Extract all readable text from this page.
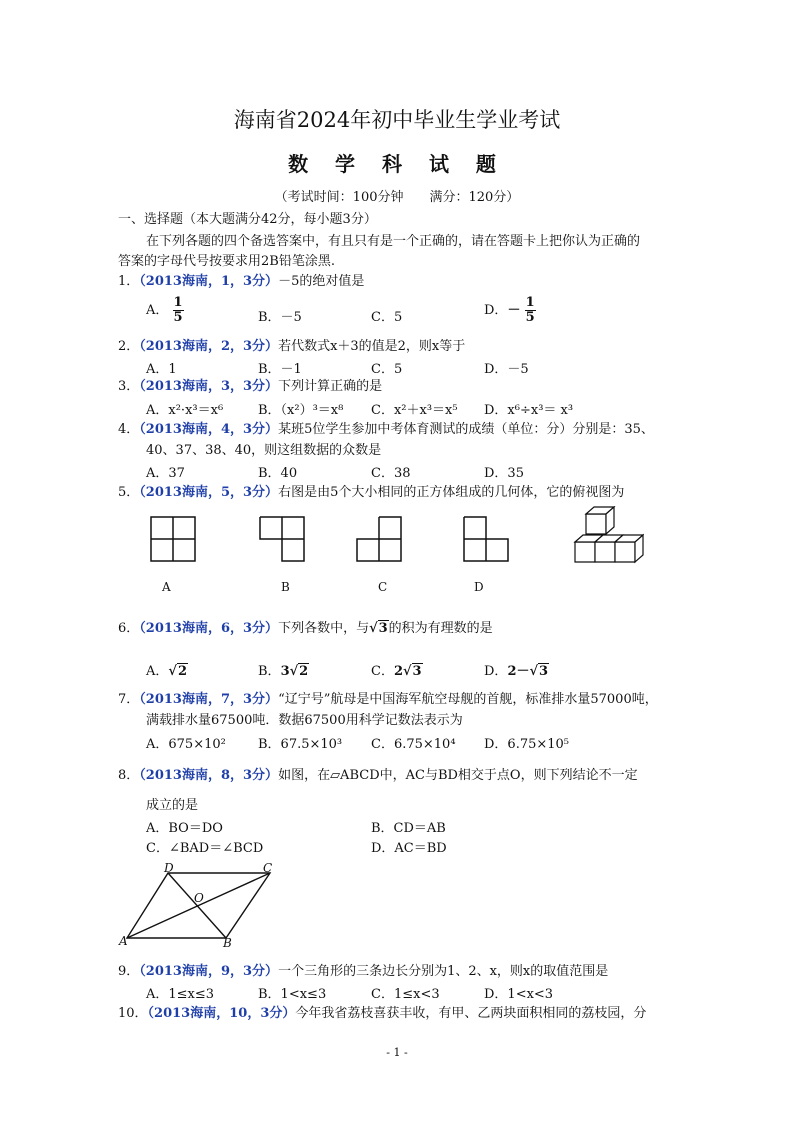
海南省2024年初中毕业生学业考试
数 学 科 试 题
（考试时间：100分钟　　满分：120分）
一、选择题（本大题满分42分，每小题3分）
在下列各题的四个备选答案中，有且只有是一个正确的，请在答题卡上把你认为正确的
答案的字母代号按要求用2B铅笔涂黑.
1．（2013海南，1，3分）－5的绝对值是
A． $\frac{1}{5}$	B．－5	C．5	D．－ $\frac{1}{5}$
2．（2013海南，2，3分）若代数式x＋3的值是2，则x等于
A．1	B．－1	C．5	D．－5
3．（2013海南，3，3分）下列计算正确的是
A．x²·x³＝x⁶	B．（x²）³＝x⁸ C．x²＋x³＝x⁵ D．x⁶÷x³＝ x³
4．（2013海南，4，3分）某班5位学生参加中考体育测试的成绩（单位：分）分别是：35、
40、37、38、40，则这组数据的众数是
A．37	B．40	C．38	D．35
5．（2013海南，5，3分）右图是由5个大小相同的正方体组成的几何体，它的俯视图为
A	B	C	D
6．（2013海南，6，3分）下列各数中，与√3的积为有理数的是
A．√2	B．3√2	C．2√3	D．2－√3
7．（2013海南，7，3分）“辽宁号”航母是中国海军航空母舰的首舰，标准排水量57000吨，
满载排水量67500吨．数据67500用科学记数法表示为
A．675×10² B．67.5×10³ C．6.75×10⁴ D．6.75×10⁵
8．（2013海南，8，3分）如图，在▱ABCD中，AC与BD相交于点O，则下列结论不一定
成立的是
A．BO＝DO	B．CD＝AB
C．∠BAD＝∠BCD	D．AC＝BD
A	B
C
D
O
9．（2013海南，9，3分）一个三角形的三条边长分别为1、2、x，则x的取值范围是
A．1≤x≤3	B．1<x≤3	C．1≤x<3	D．1<x<3
10．（2013海南，10，3分）今年我省荔枝喜获丰收，有甲、乙两块面积相同的荔枝园，分
- 1 -
